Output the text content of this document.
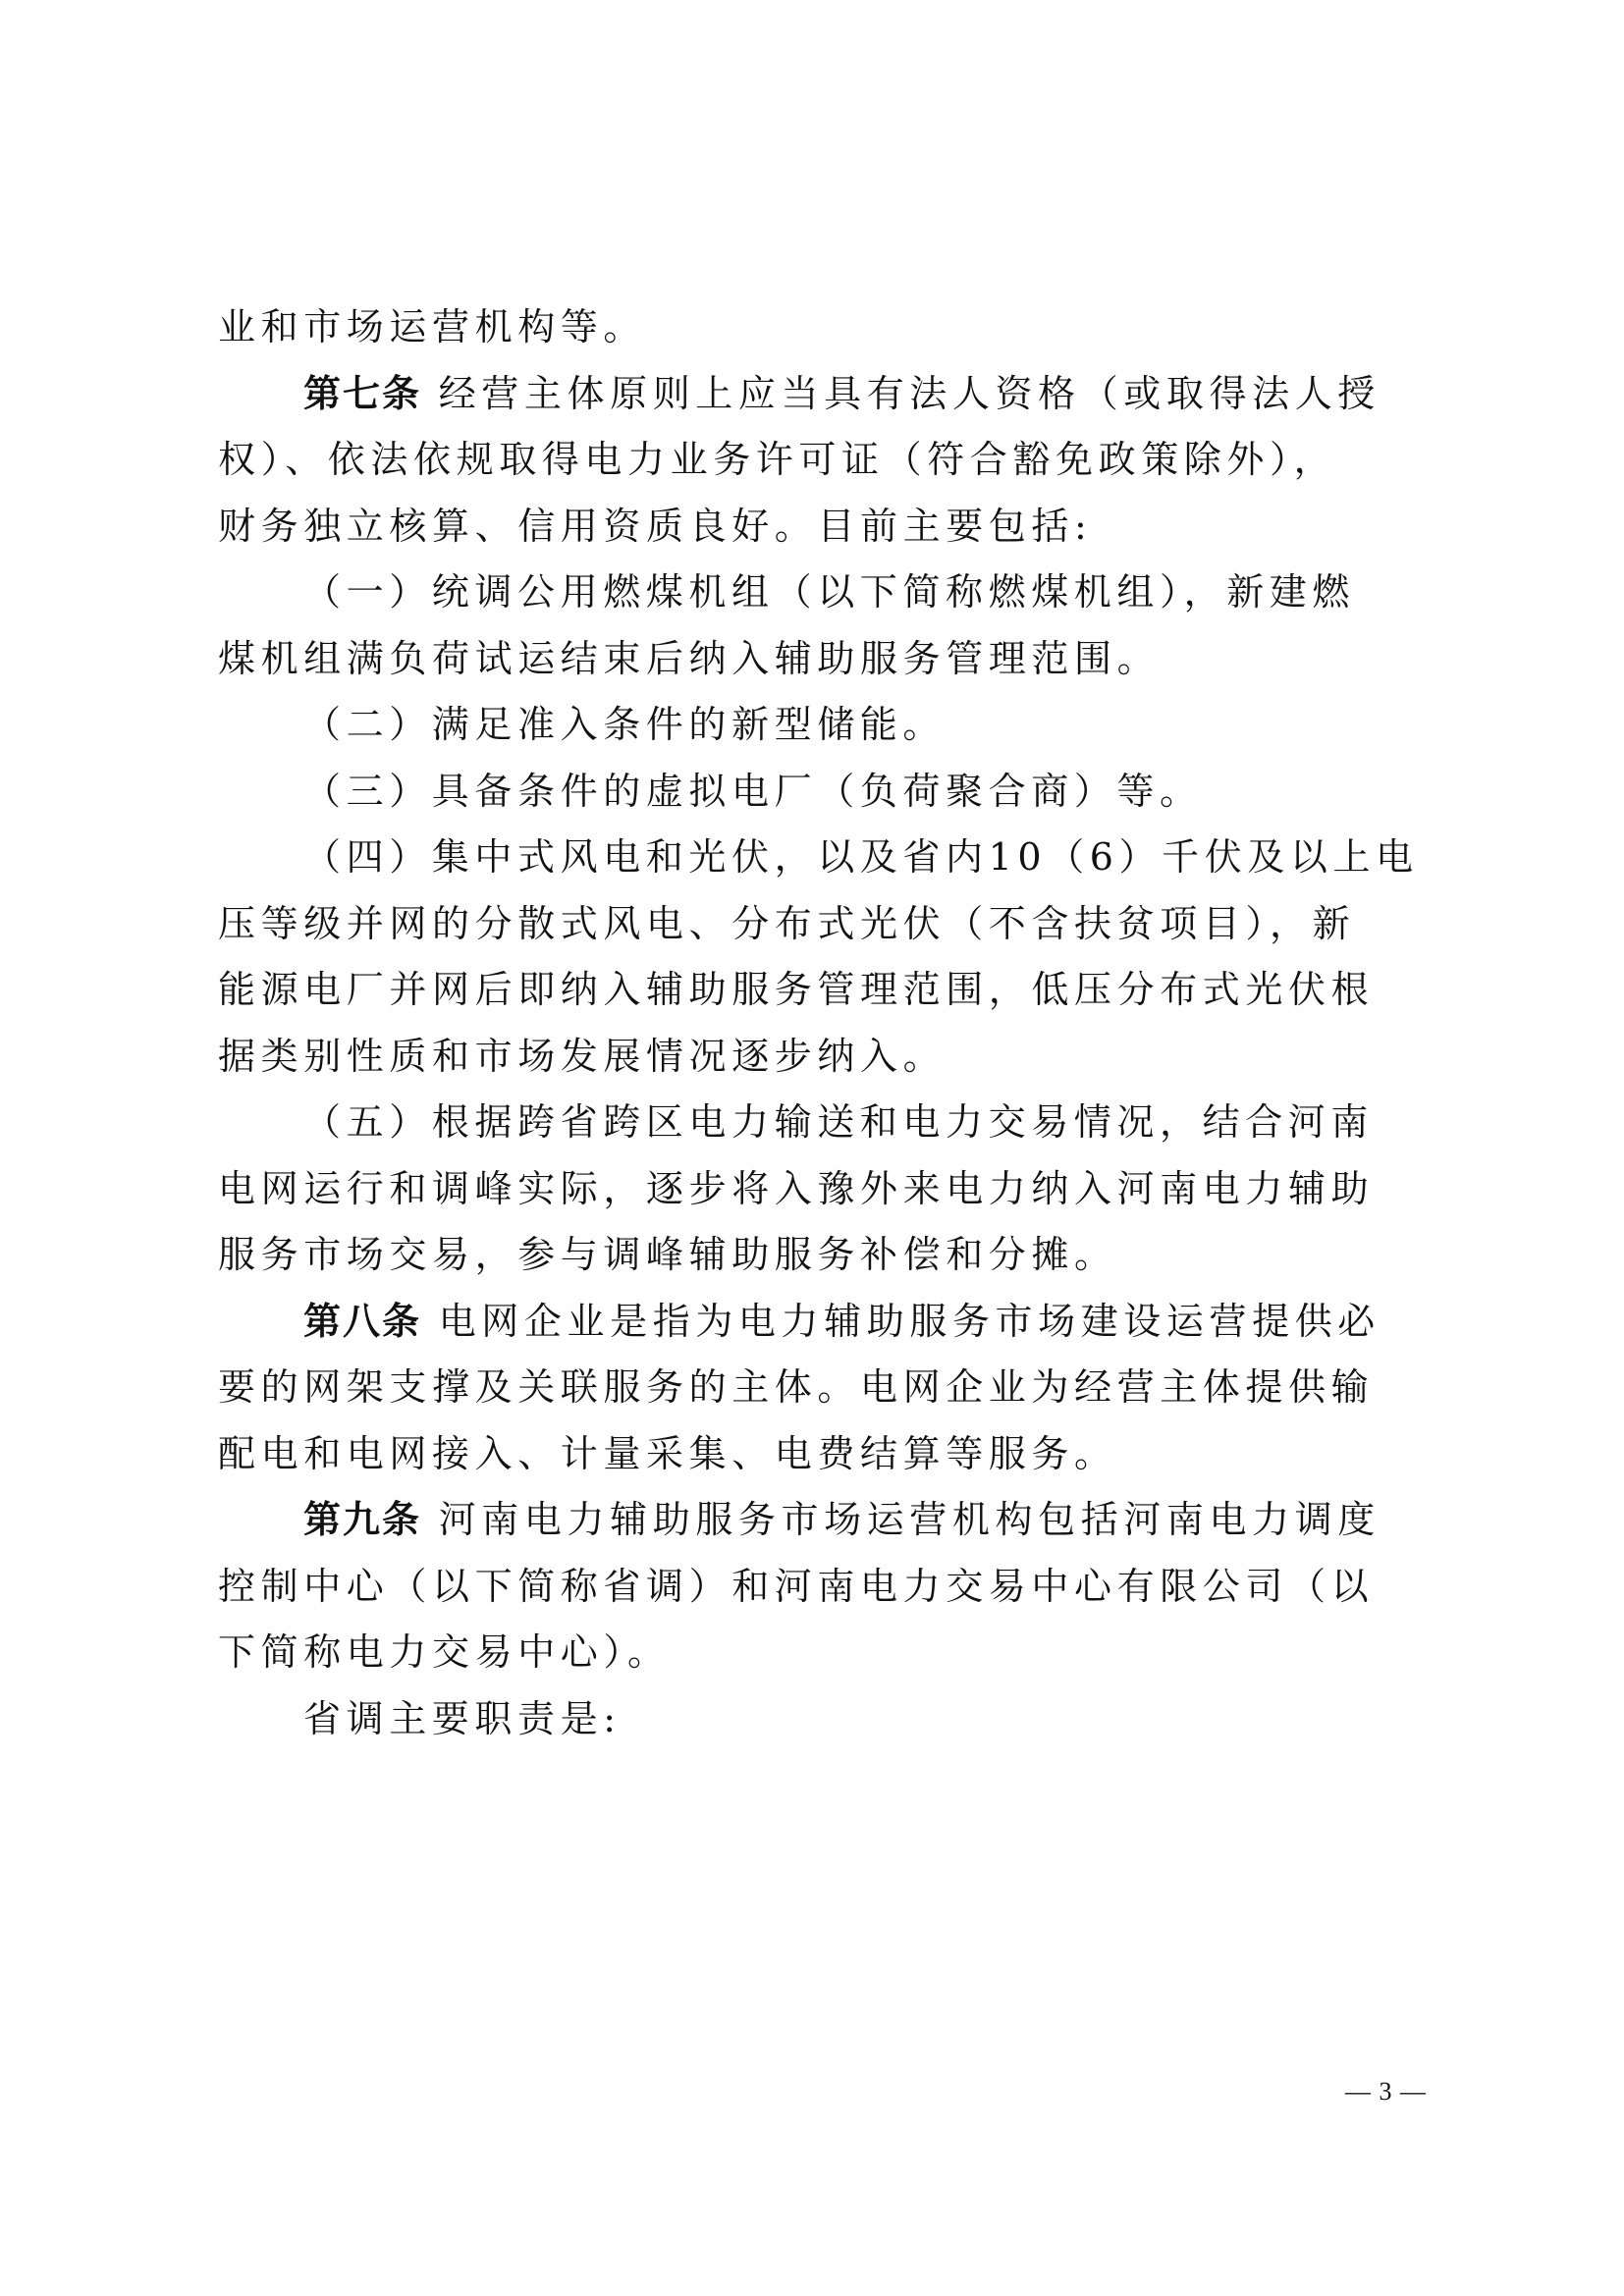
业和市场运营机构等。
第七条 经营主体原则上应当具有法人资格（或取得法人授
权）、依法依规取得电力业务许可证（符合豁免政策除外），
财务独立核算、信用资质良好。目前主要包括:
（一）统调公用燃煤机组（以下简称燃煤机组），新建燃
煤机组满负荷试运结束后纳入辅助服务管理范围。
（二）满足准入条件的新型储能。
（三）具备条件的虚拟电厂（负荷聚合商）等。
（四）集中式风电和光伏，以及省内10（6）千伏及以上电
压等级并网的分散式风电、分布式光伏（不含扶贫项目），新
能源电厂并网后即纳入辅助服务管理范围，低压分布式光伏根
据类别性质和市场发展情况逐步纳入。
（五）根据跨省跨区电力输送和电力交易情况，结合河南
电网运行和调峰实际，逐步将入豫外来电力纳入河南电力辅助
服务市场交易，参与调峰辅助服务补偿和分摊。
第八条 电网企业是指为电力辅助服务市场建设运营提供必
要的网架支撑及关联服务的主体。电网企业为经营主体提供输
配电和电网接入、计量采集、电费结算等服务。
第九条 河南电力辅助服务市场运营机构包括河南电力调度
控制中心（以下简称省调）和河南电力交易中心有限公司（以
下简称电力交易中心）。
省调主要职责是:
— 3 —
